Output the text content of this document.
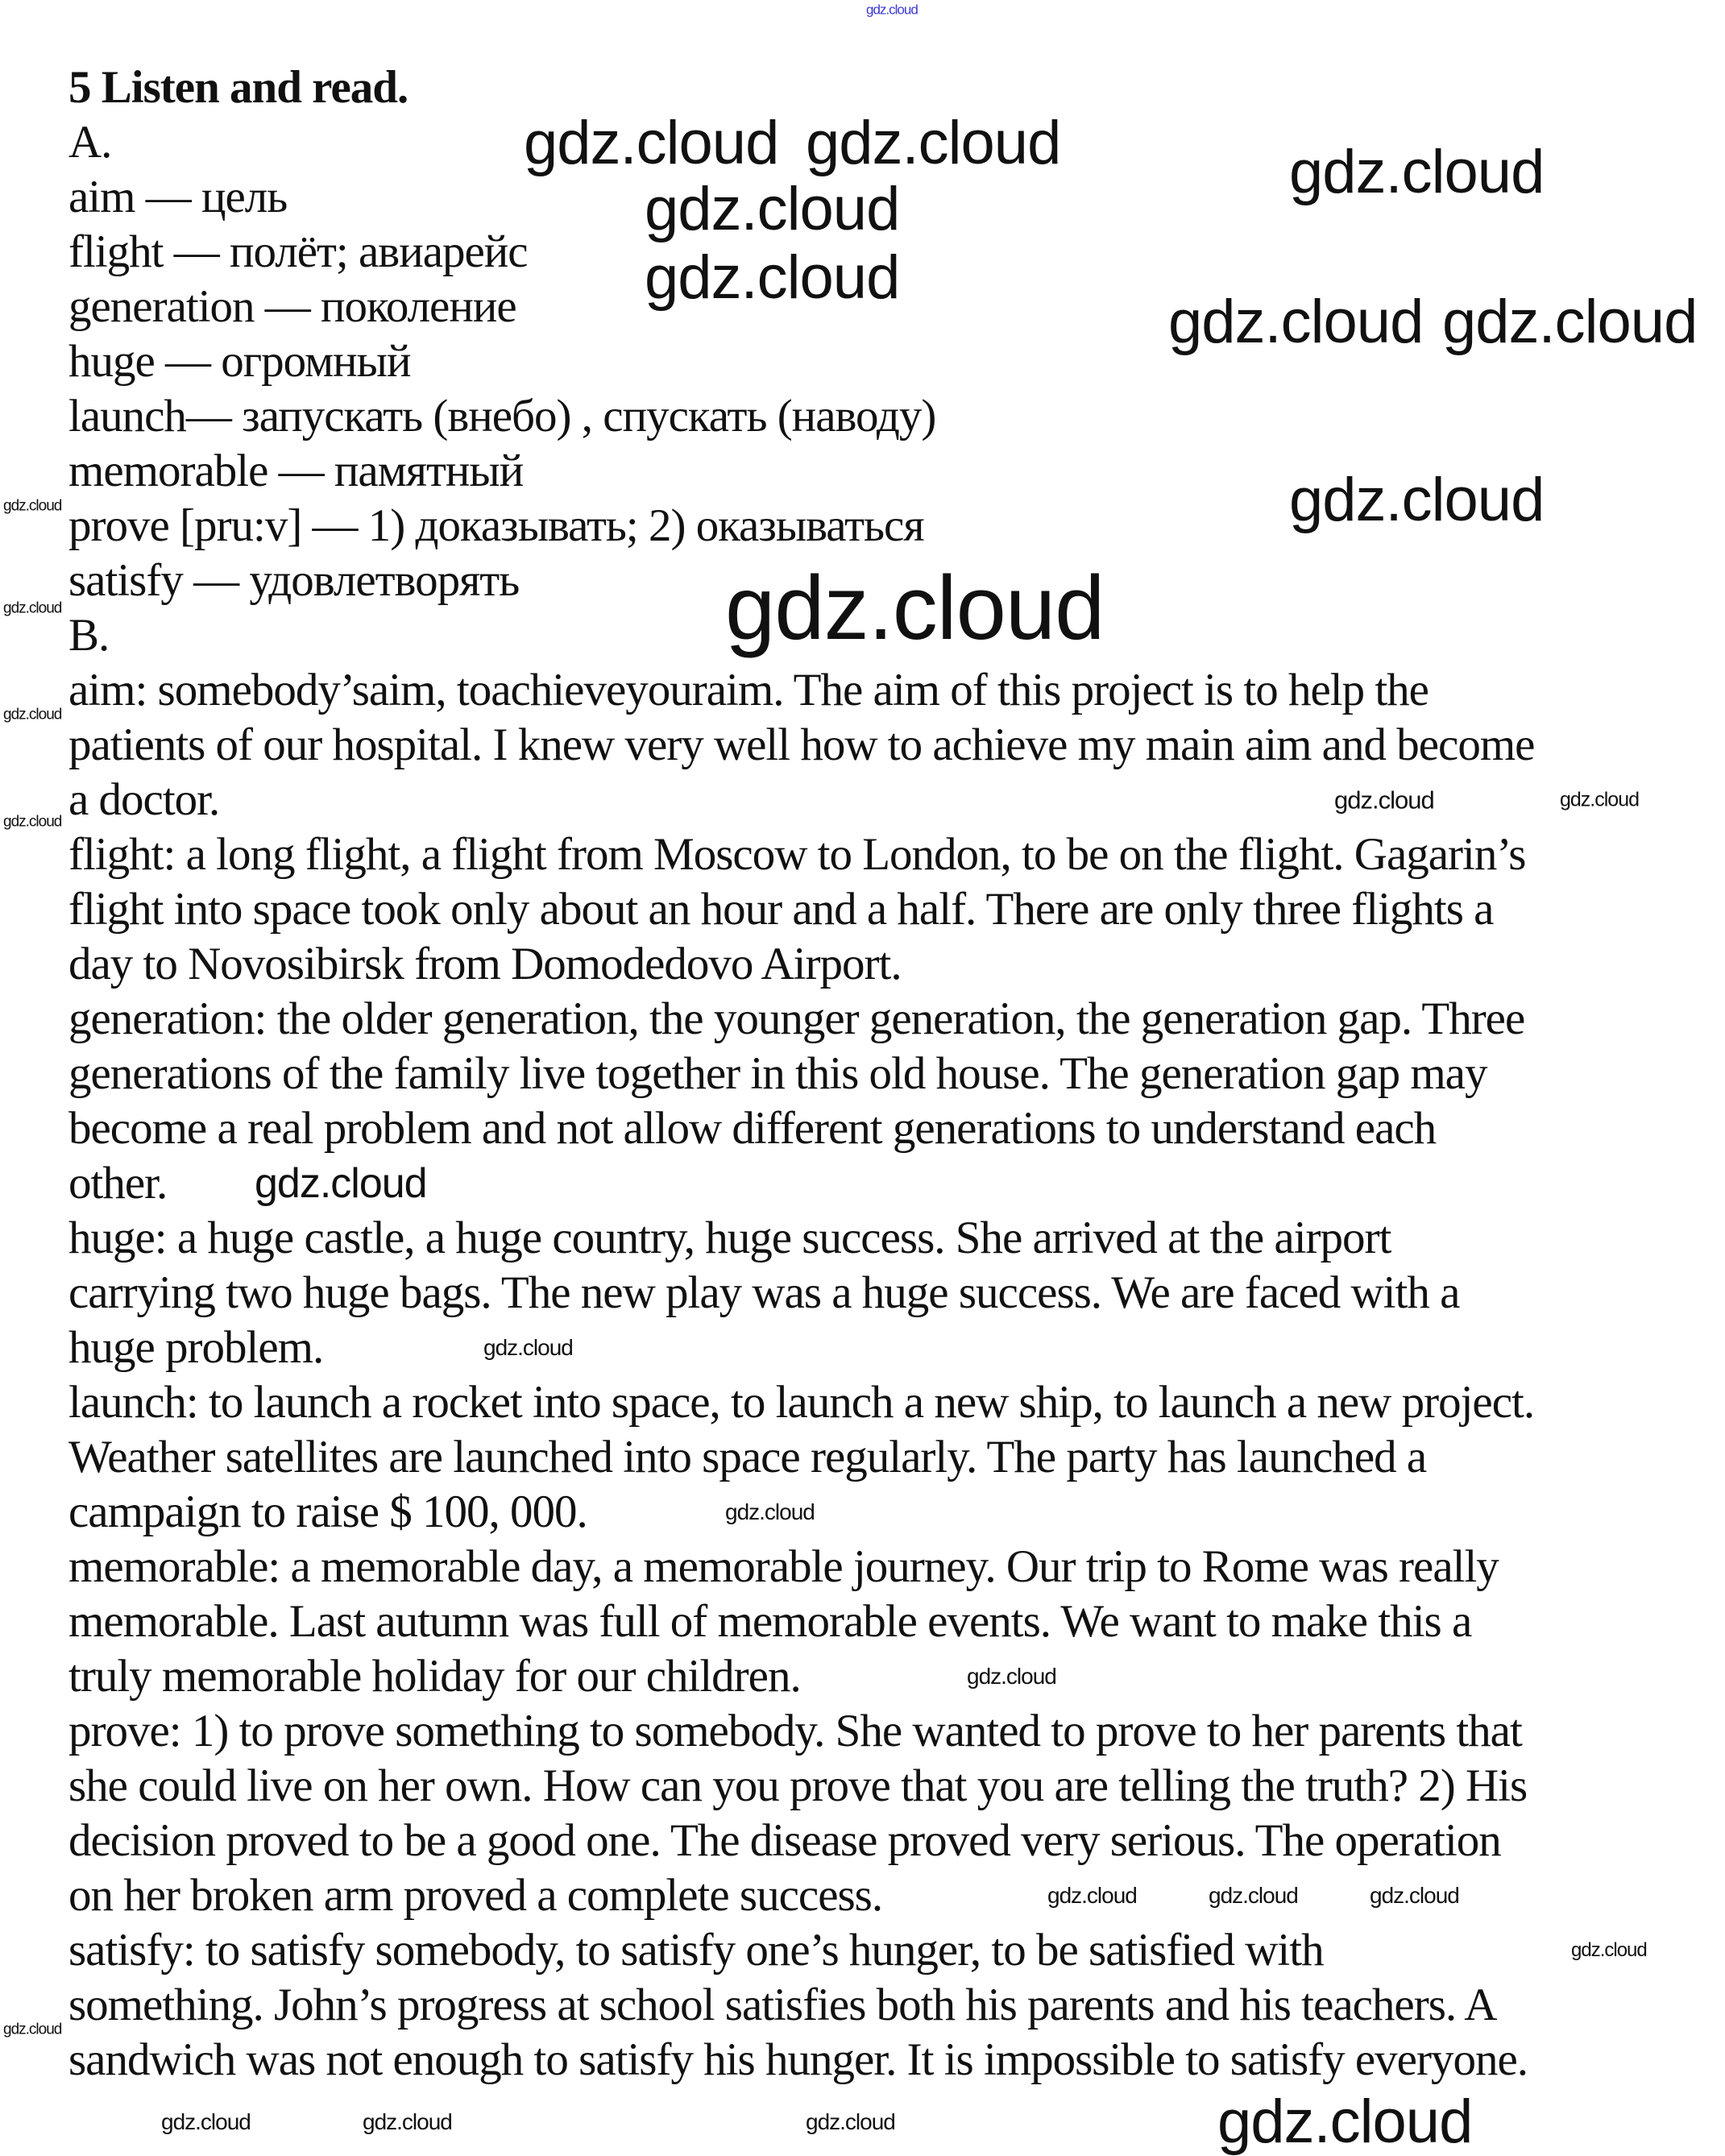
5 Listen and read.
A.
aim — цель
flight — полёт; авиарейс
generation — поколение
huge — огромный
launch— запускать (внебо) , спускать (наводу)
memorable — памятный
prove [pru:v] — 1) доказывать; 2) оказываться
satisfy — удовлетворять
B.
aim: somebody’saim, toachieveyouraim. The aim of this project is to help the
patients of our hospital. I knew very well how to achieve my main aim and become
a doctor.
flight: a long flight, a flight from Moscow to London, to be on the flight. Gagarin’s
flight into space took only about an hour and a half. There are only three flights a
day to Novosibirsk from Domodedovo Airport.
generation: the older generation, the younger generation, the generation gap. Three
generations of the family live together in this old house. The generation gap may
become a real problem and not allow different generations to understand each
other.
huge: a huge castle, a huge country, huge success. She arrived at the airport
carrying two huge bags. The new play was a huge success. We are faced with a
huge problem.
launch: to launch a rocket into space, to launch a new ship, to launch a new project.
Weather satellites are launched into space regularly. The party has launched a
campaign to raise $ 100, 000.
memorable: a memorable day, a memorable journey. Our trip to Rome was really
memorable. Last autumn was full of memorable events. We want to make this a
truly memorable holiday for our children.
prove: 1) to prove something to somebody. She wanted to prove to her parents that
she could live on her own. How can you prove that you are telling the truth? 2) His
decision proved to be a good one. The disease proved very serious. The operation
on her broken arm proved a complete success.
satisfy: to satisfy somebody, to satisfy one’s hunger, to be satisfied with
something. John’s progress at school satisfies both his parents and his teachers. A
sandwich was not enough to satisfy his hunger. It is impossible to satisfy everyone.
gdz.cloud
gdz.cloud gdz.cloud
gdz.cloud
gdz.cloud
gdz.cloud
gdz.cloud gdz.cloud
gdz.cloud
gdz.cloud
gdz.cloud
gdz.cloud
gdz.cloud
gdz.cloud
gdz.cloud
gdz.cloud	gdz.cloud
gdz.cloud
gdz.cloud
gdz.cloud
gdz.cloud
gdz.cloud	gdz.cloud	gdz.cloud
gdz.cloud
gdz.cloud	gdz.cloud	gdz.cloud	gdz.cloud
